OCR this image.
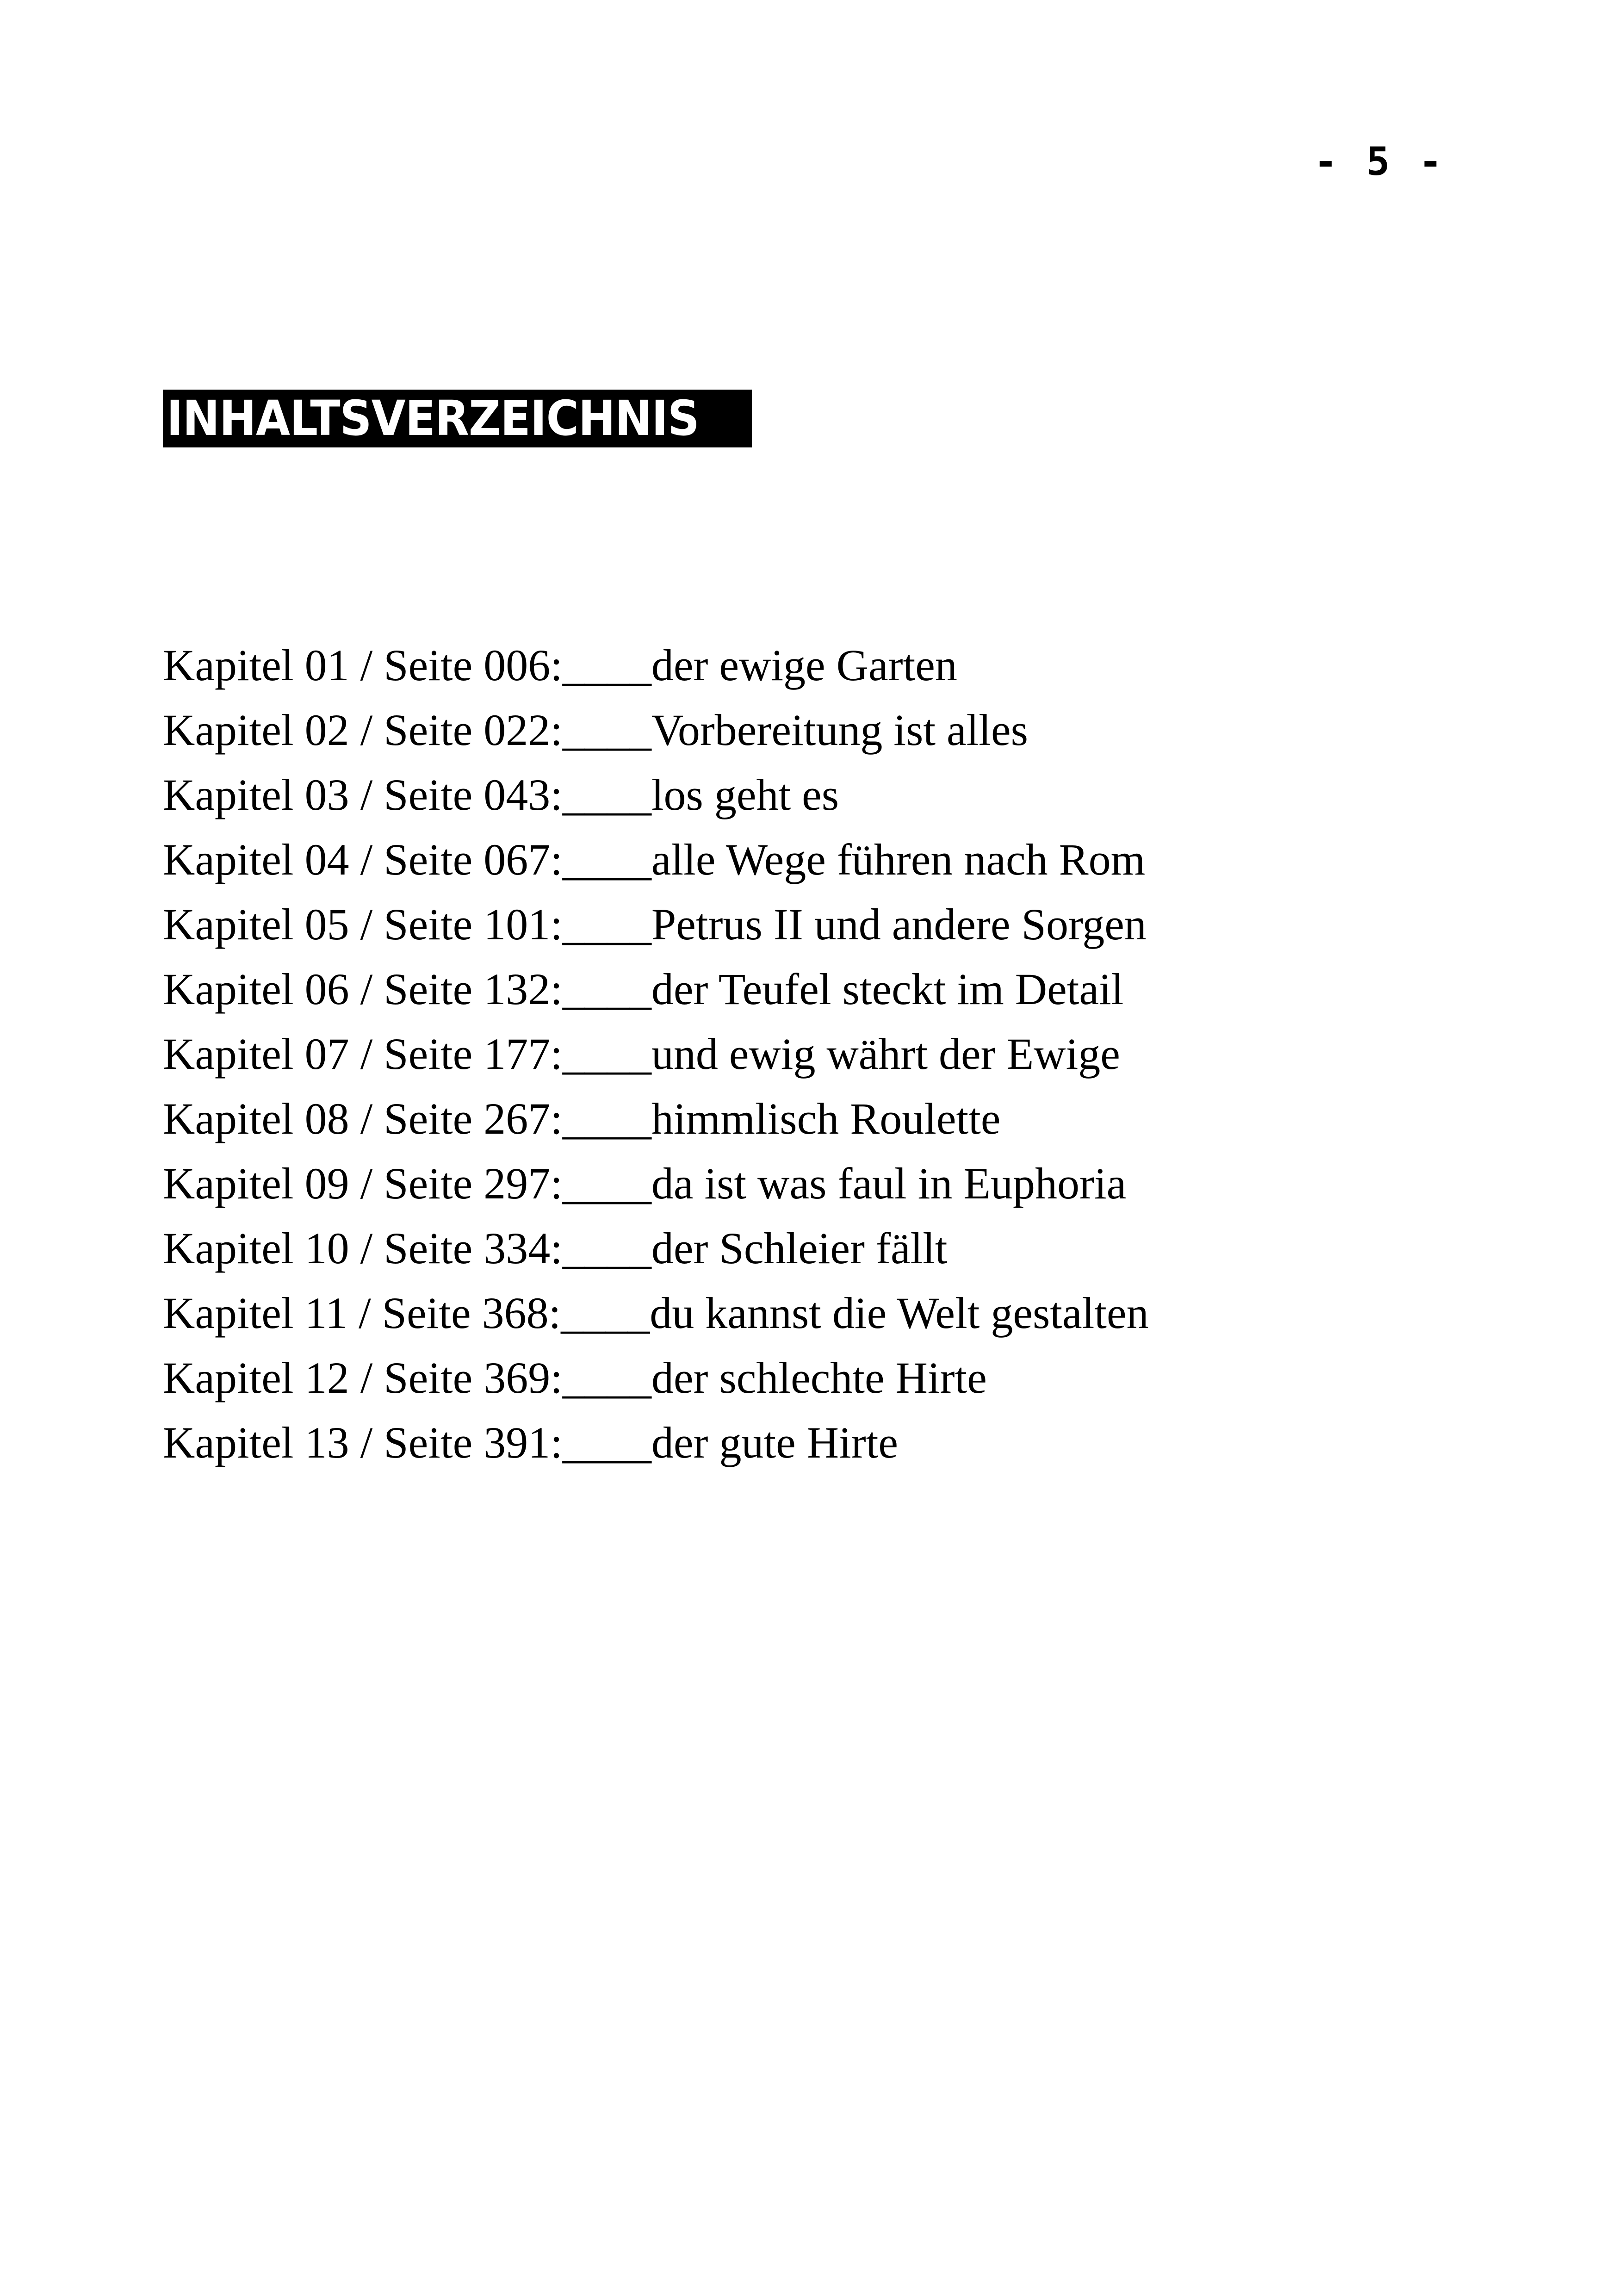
- 5 -
INHALTSVERZEICHNIS
Kapitel 01 / Seite 006:____der ewige Garten
Kapitel 02 / Seite 022:____Vorbereitung ist alles
Kapitel 03 / Seite 043:____los geht es
Kapitel 04 / Seite 067:____alle Wege führen nach Rom
Kapitel 05 / Seite 101:____Petrus II und andere Sorgen
Kapitel 06 / Seite 132:____der Teufel steckt im Detail
Kapitel 07 / Seite 177:____und ewig währt der Ewige
Kapitel 08 / Seite 267:____himmlisch Roulette
Kapitel 09 / Seite 297:____da ist was faul in Euphoria
Kapitel 10 / Seite 334:____der Schleier fällt
Kapitel 11 / Seite 368:____du kannst die Welt gestalten
Kapitel 12 / Seite 369:____der schlechte Hirte
Kapitel 13 / Seite 391:____der gute Hirte
